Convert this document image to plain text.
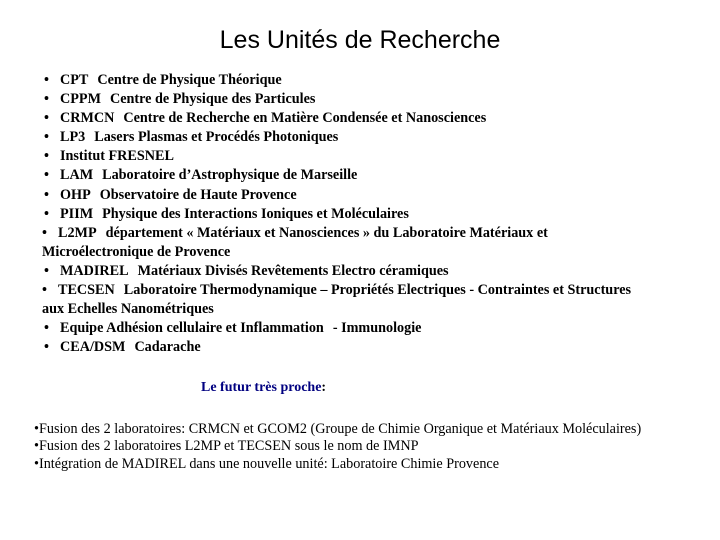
Les Unités de Recherche
• CPT Centre de Physique Théorique
• CPPM Centre de Physique des Particules
• CRMCN Centre de Recherche en Matière Condensée et Nanosciences
• LP3 Lasers Plasmas et Procédés Photoniques
• Institut FRESNEL
• LAM Laboratoire d’Astrophysique de Marseille
• OHP Observatoire de Haute Provence
• PIIM Physique des Interactions Ioniques et Moléculaires
• L2MP département « Matériaux et Nanosciences » du Laboratoire Matériaux et Microélectronique de Provence
• MADIREL Matériaux Divisés Revêtements Electro céramiques
• TECSEN Laboratoire Thermodynamique – Propriétés Electriques - Contraintes et Structures aux Echelles Nanométriques
• Equipe Adhésion cellulaire et Inflammation - Immunologie
• CEA/DSM Cadarache
Le futur très proche:
•Fusion des 2 laboratoires: CRMCN et GCOM2 (Groupe de Chimie Organique et Matériaux Moléculaires)
•Fusion des 2 laboratoires L2MP et TECSEN sous le nom de IMNP
•Intégration de MADIREL dans une nouvelle unité: Laboratoire Chimie Provence
